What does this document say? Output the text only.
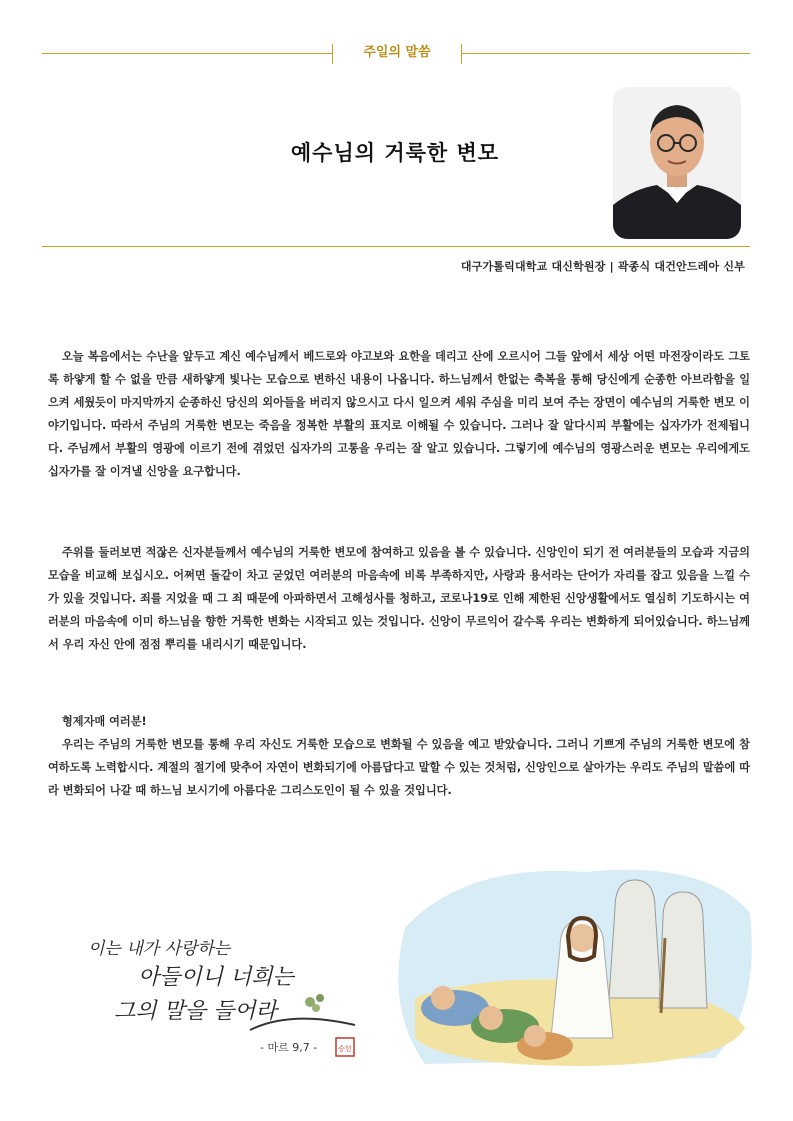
주일의 말씀
예수님의 거룩한 변모
대구가톨릭대학교 대신학원장 | 곽종식 대건안드레아 신부

오늘 복음에서는 수난을 앞두고 계신 예수님께서 베드로와 야고보와 요한을 데리고 산에 오르시어 그들 앞에서 세상 어떤 마전장이라도 그토록 하얗게 할 수 없을 만큼 새하얗게 빛나는 모습으로 변하신 내용이 나옵니다. 하느님께서 한없는 축복을 통해 당신에게 순종한 아브라함을 일으켜 세웠듯이 마지막까지 순종하신 당신의 외아들을 버리지 않으시고 다시 일으켜 세워 주심을 미리 보여 주는 장면이 예수님의 거룩한 변모 이야기입니다. 따라서 주님의 거룩한 변모는 죽음을 정복한 부활의 표지로 이해될 수 있습니다. 그러나 잘 알다시피 부활에는 십자가가 전제됩니다. 주님께서 부활의 영광에 이르기 전에 겪었던 십자가의 고통을 우리는 잘 알고 있습니다. 그렇기에 예수님의 영광스러운 변모는 우리에게도 십자가를 잘 이겨낼 신앙을 요구합니다.

주위를 둘러보면 적잖은 신자분들께서 예수님의 거룩한 변모에 참여하고 있음을 볼 수 있습니다. 신앙인이 되기 전 여러분들의 모습과 지금의 모습을 비교해 보십시오. 어쩌면 돌같이 차고 굳었던 여러분의 마음속에 비록 부족하지만, 사랑과 용서라는 단어가 자리를 잡고 있음을 느낄 수가 있을 것입니다. 죄를 지었을 때 그 죄 때문에 아파하면서 고해성사를 청하고, 코로나19로 인해 제한된 신앙생활에서도 열심히 기도하시는 여러분의 마음속에 이미 하느님을 향한 거룩한 변화는 시작되고 있는 것입니다. 신앙이 무르익어 갈수록 우리는 변화하게 되어있습니다. 하느님께서 우리 자신 안에 점점 뿌리를 내리시기 때문입니다.

형제자매 여러분!

우리는 주님의 거룩한 변모를 통해 우리 자신도 거룩한 모습으로 변화될 수 있음을 예고 받았습니다. 그러니 기쁘게 주님의 거룩한 변모에 참여하도록 노력합시다. 계절의 절기에 맞추어 자연이 변화되기에 아름답다고 말할 수 있는 것처럼, 신앙인으로 살아가는 우리도 주님의 말씀에 따라 변화되어 나갈 때 하느님 보시기에 아름다운 그리스도인이 될 수 있을 것입니다.

이는 내가 사랑하는
아들이니 너희는
그의 말을 들어라
- 마르 9,7 -	승헌
